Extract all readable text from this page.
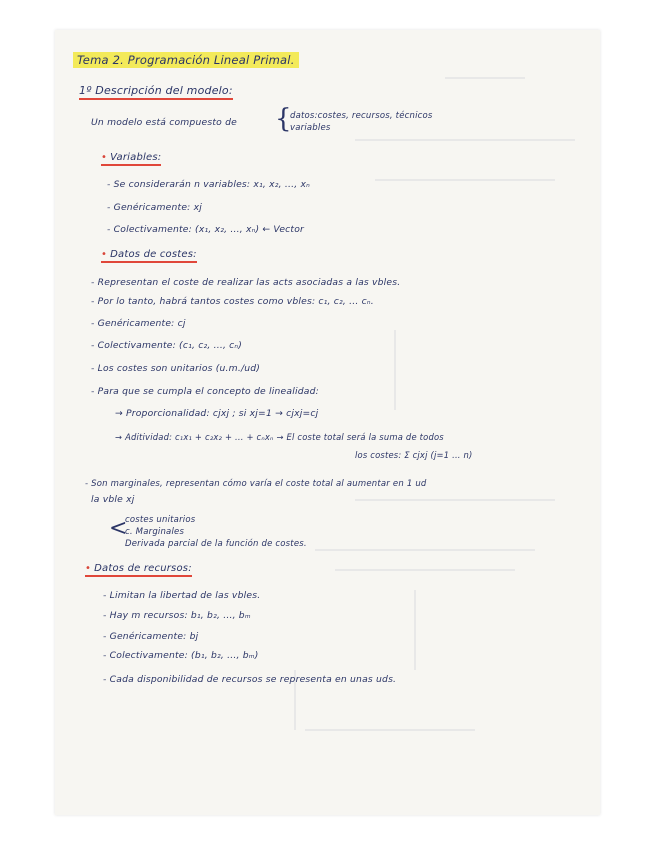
Tema 2. Programación Lineal Primal.
1º Descripción del modelo:
Un modelo está compuesto de {
datos:costes, recursos, técnicos
variables
• Variables:
- Se considerarán n variables: x₁, x₂, ..., xₙ
- Genéricamente: xj
- Colectivamente: (x₁, x₂, ..., xₙ) ← Vector
• Datos de costes:
- Representan el coste de realizar las acts asociadas a las vbles.
- Por lo tanto, habrá tantos costes como vbles: c₁, c₂, ... cₙ.
- Genéricamente: cj
- Colectivamente: (c₁, c₂, ..., cₙ)
- Los costes son unitarios (u.m./ud)
- Para que se cumpla el concepto de linealidad:
→ Proporcionalidad: cjxj ; si xj=1 → cjxj=cj
→ Aditividad: c₁x₁ + c₂x₂ + ... + cₙxₙ → El coste total será la suma de todos
los costes: Σ cjxj (j=1 ... n)
- Son marginales, representan cómo varía el coste total al aumentar en 1 ud
la vble xj
<
costes unitarios
c. Marginales
Derivada parcial de la función de costes.
• Datos de recursos:
- Limitan la libertad de las vbles.
- Hay m recursos: b₁, b₂, ..., bₘ
- Genéricamente: bj
- Colectivamente: (b₁, b₂, ..., bₘ)
- Cada disponibilidad de recursos se representa en unas uds.
